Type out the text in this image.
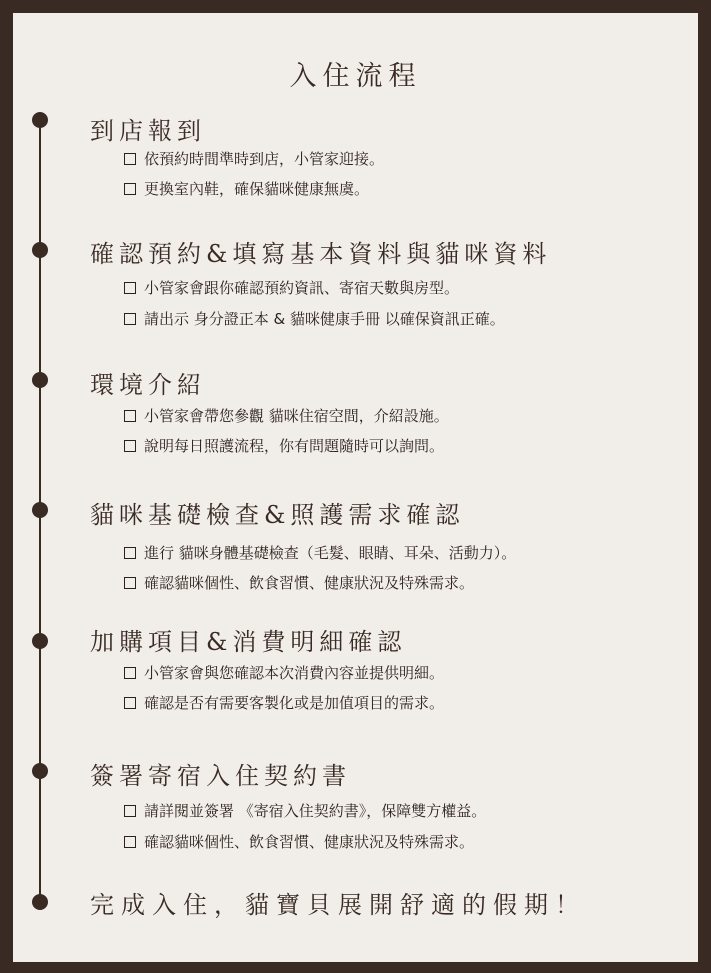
入住流程
到店報到
依預約時間準時到店，小管家迎接。
更換室內鞋，確保貓咪健康無虞。
確認預約&填寫基本資料與貓咪資料
小管家會跟你確認預約資訊、寄宿天數與房型。
請出示 身分證正本 & 貓咪健康手冊 以確保資訊正確。
環境介紹
小管家會帶您參觀 貓咪住宿空間，介紹設施。
說明每日照護流程，你有問題隨時可以詢問。
貓咪基礎檢查&照護需求確認
進行 貓咪身體基礎檢查（毛髮、眼睛、耳朵、活動力）。
確認貓咪個性、飲食習慣、健康狀況及特殊需求。
加購項目&消費明細確認
小管家會與您確認本次消費內容並提供明細。
確認是否有需要客製化或是加值項目的需求。
簽署寄宿入住契約書
請詳閱並簽署 《寄宿入住契約書》，保障雙方權益。
確認貓咪個性、飲食習慣、健康狀況及特殊需求。
完成入住，貓寶貝展開舒適的假期！
